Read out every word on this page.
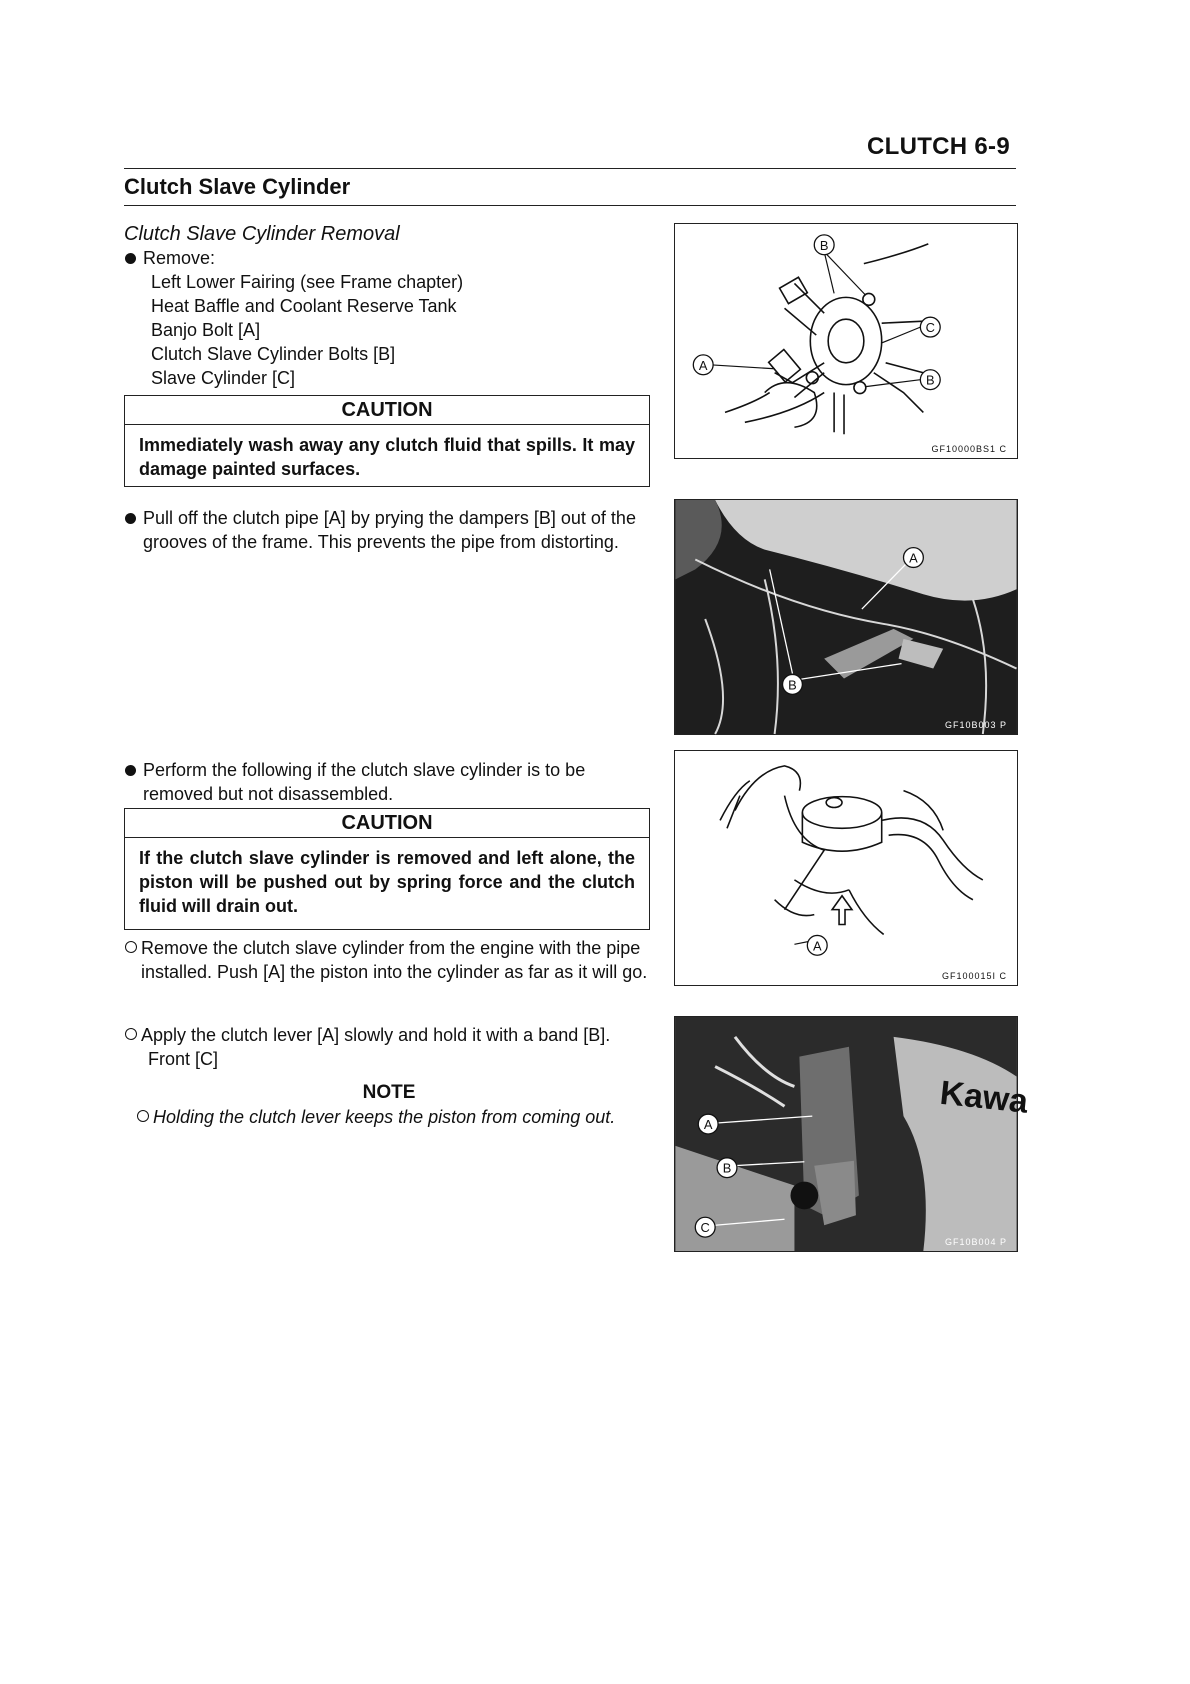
CLUTCH 6-9
Clutch Slave Cylinder
Clutch Slave Cylinder Removal
Remove:
Left Lower Fairing (see Frame chapter)
Heat Baffle and Coolant Reserve Tank
Banjo Bolt [A]
Clutch Slave Cylinder Bolts [B]
Slave Cylinder [C]
CAUTION
Immediately wash away any clutch fluid that spills. It may damage painted surfaces.
Pull off the clutch pipe [A] by prying the dampers [B] out of the grooves of the frame. This prevents the pipe from distorting.
Perform the following if the clutch slave cylinder is to be removed but not disassembled.
CAUTION
If the clutch slave cylinder is removed and left alone, the piston will be pushed out by spring force and the clutch fluid will drain out.
Remove the clutch slave cylinder from the engine with the pipe installed. Push [A] the piston into the cylinder as far as it will go.
Apply the clutch lever [A] slowly and hold it with a band [B].
Front [C]
NOTE
Holding the clutch lever keeps the piston from coming out.
B
C
A
B
GF10000BS1 C
A
B
GF10B003 P
A
GF100015I C
Kawa
A
B
C
GF10B004 P
